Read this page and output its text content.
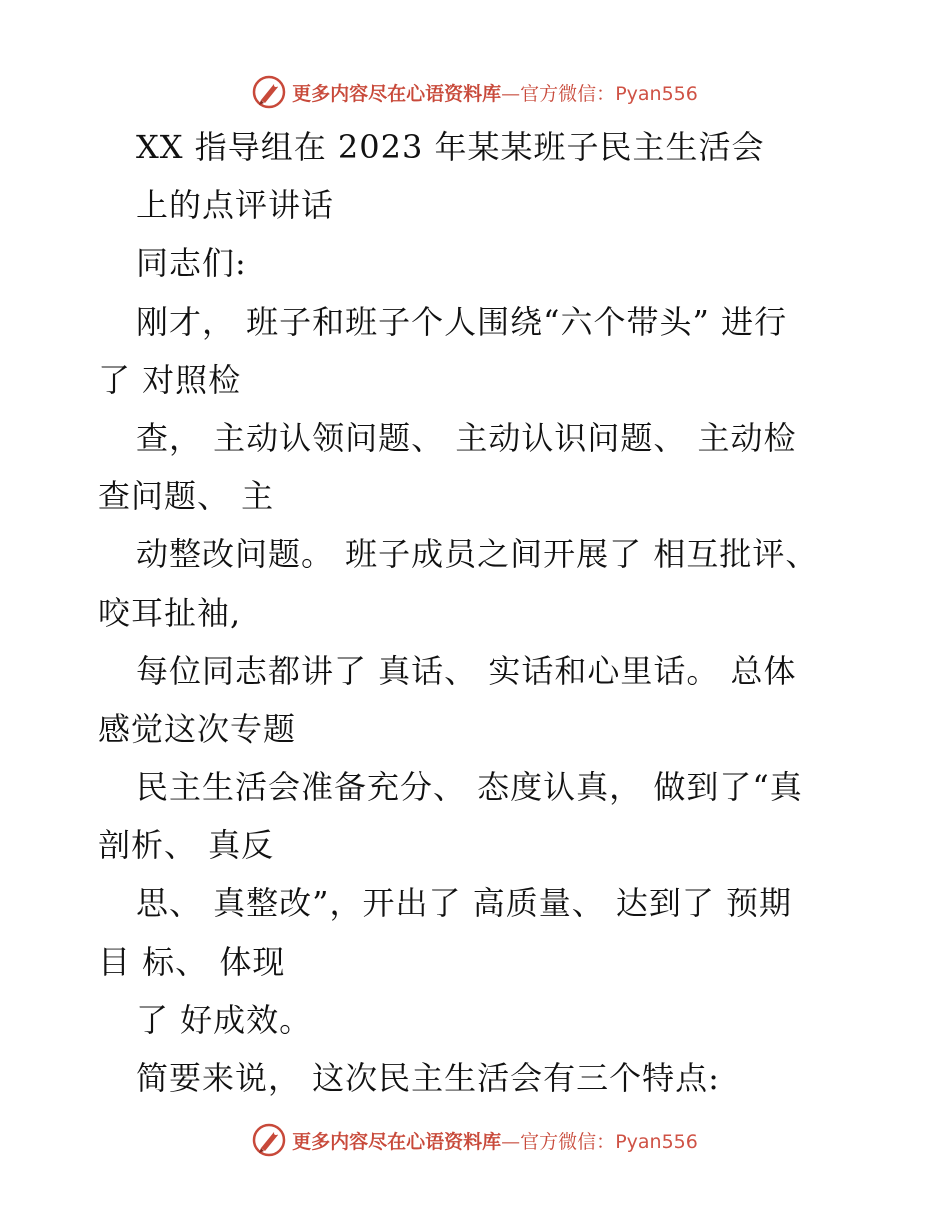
更多内容尽在心语资料库—官方微信：Pyan556
XX 指导组在 2023 年某某班子民主生活会
上的点评讲话
同志们:
刚才， 班子和班子个人围绕“六个带头” 进行
了 对照检
查， 主动认领问题、 主动认识问题、 主动检
查问题、 主
动整改问题。 班子成员之间开展了 相互批评、
咬耳扯袖,
每位同志都讲了 真话、 实话和心里话。 总体
感觉这次专题
民主生活会准备充分、 态度认真， 做到了“真
剖析、 真反
思、 真整改”，开出了 高质量、 达到了 预期
目 标、 体现
了 好成效。
简要来说， 这次民主生活会有三个特点:
更多内容尽在心语资料库—官方微信：Pyan556
